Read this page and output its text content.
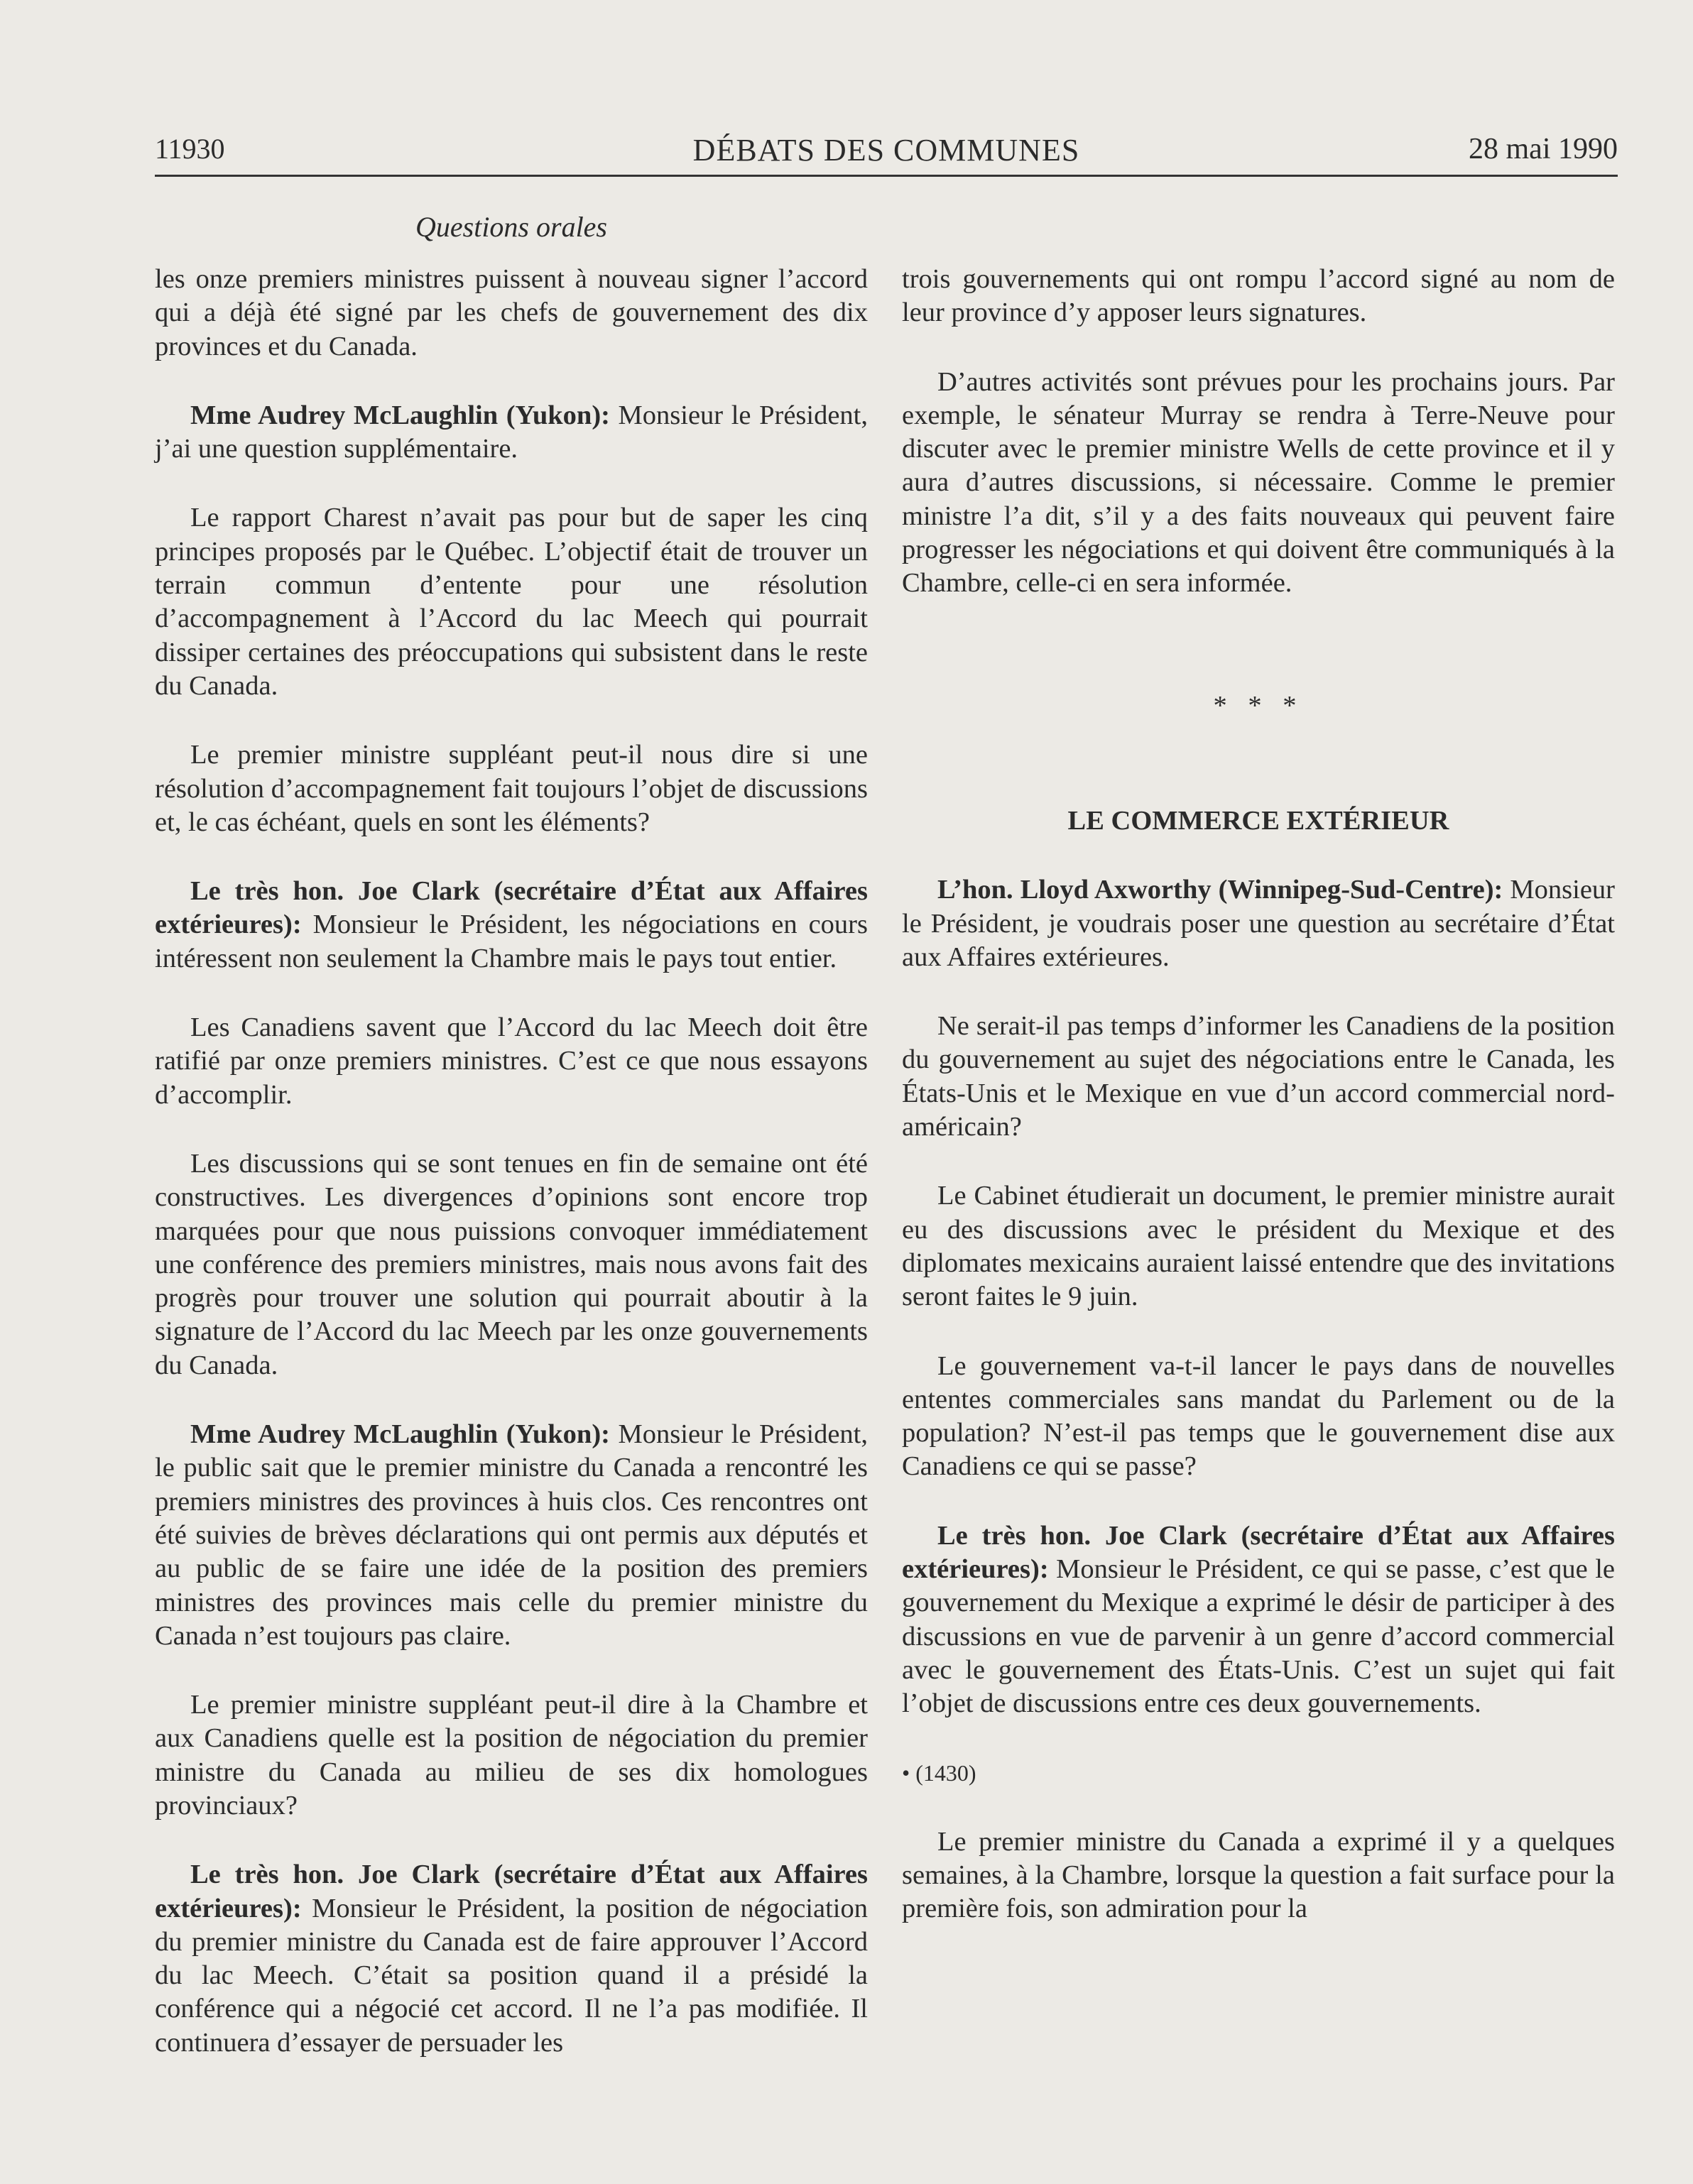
11930	DÉBATS DES COMMUNES	28 mai 1990
Questions orales

les onze premiers ministres puissent à nouveau signer l’accord qui a déjà été signé par les chefs de gouvernement des dix provinces et du Canada.

Mme Audrey McLaughlin (Yukon): Monsieur le Président, j’ai une question supplémentaire.

Le rapport Charest n’avait pas pour but de saper les cinq principes proposés par le Québec. L’objectif était de trouver un terrain commun d’entente pour une résolution d’accompagnement à l’Accord du lac Meech qui pourrait dissiper certaines des préoccupations qui subsistent dans le reste du Canada.

Le premier ministre suppléant peut-il nous dire si une résolution d’accompagnement fait toujours l’objet de discussions et, le cas échéant, quels en sont les éléments?

Le très hon. Joe Clark (secrétaire d’État aux Affaires extérieures): Monsieur le Président, les négociations en cours intéressent non seulement la Chambre mais le pays tout entier.

Les Canadiens savent que l’Accord du lac Meech doit être ratifié par onze premiers ministres. C’est ce que nous essayons d’accomplir.

Les discussions qui se sont tenues en fin de semaine ont été constructives. Les divergences d’opinions sont encore trop marquées pour que nous puissions convoquer immédiatement une conférence des premiers ministres, mais nous avons fait des progrès pour trouver une solution qui pourrait aboutir à la signature de l’Accord du lac Meech par les onze gouvernements du Canada.

Mme Audrey McLaughlin (Yukon): Monsieur le Président, le public sait que le premier ministre du Canada a rencontré les premiers ministres des provinces à huis clos. Ces rencontres ont été suivies de brèves déclarations qui ont permis aux députés et au public de se faire une idée de la position des premiers ministres des provinces mais celle du premier ministre du Canada n’est toujours pas claire.

Le premier ministre suppléant peut-il dire à la Chambre et aux Canadiens quelle est la position de négociation du premier ministre du Canada au milieu de ses dix homologues provinciaux?

Le très hon. Joe Clark (secrétaire d’État aux Affaires extérieures): Monsieur le Président, la position de négociation du premier ministre du Canada est de faire approuver l’Accord du lac Meech. C’était sa position quand il a présidé la conférence qui a négocié cet accord. Il ne l’a pas modifiée. Il continuera d’essayer de persuader les

trois gouvernements qui ont rompu l’accord signé au nom de leur province d’y apposer leurs signatures.

D’autres activités sont prévues pour les prochains jours. Par exemple, le sénateur Murray se rendra à Terre-Neuve pour discuter avec le premier ministre Wells de cette province et il y aura d’autres discussions, si nécessaire. Comme le premier ministre l’a dit, s’il y a des faits nouveaux qui peuvent faire progresser les négociations et qui doivent être communiqués à la Chambre, celle-ci en sera informée.

* * *

LE COMMERCE EXTÉRIEUR

L’hon. Lloyd Axworthy (Winnipeg-Sud-Centre): Monsieur le Président, je voudrais poser une question au secrétaire d’État aux Affaires extérieures.

Ne serait-il pas temps d’informer les Canadiens de la position du gouvernement au sujet des négociations entre le Canada, les États-Unis et le Mexique en vue d’un accord commercial nord-américain?

Le Cabinet étudierait un document, le premier ministre aurait eu des discussions avec le président du Mexique et des diplomates mexicains auraient laissé entendre que des invitations seront faites le 9 juin.

Le gouvernement va-t-il lancer le pays dans de nouvelles ententes commerciales sans mandat du Parlement ou de la population? N’est-il pas temps que le gouvernement dise aux Canadiens ce qui se passe?

Le très hon. Joe Clark (secrétaire d’État aux Affaires extérieures): Monsieur le Président, ce qui se passe, c’est que le gouvernement du Mexique a exprimé le désir de participer à des discussions en vue de parvenir à un genre d’accord commercial avec le gouvernement des États-Unis. C’est un sujet qui fait l’objet de discussions entre ces deux gouvernements.

• (1430)

Le premier ministre du Canada a exprimé il y a quelques semaines, à la Chambre, lorsque la question a fait surface pour la première fois, son admiration pour la
